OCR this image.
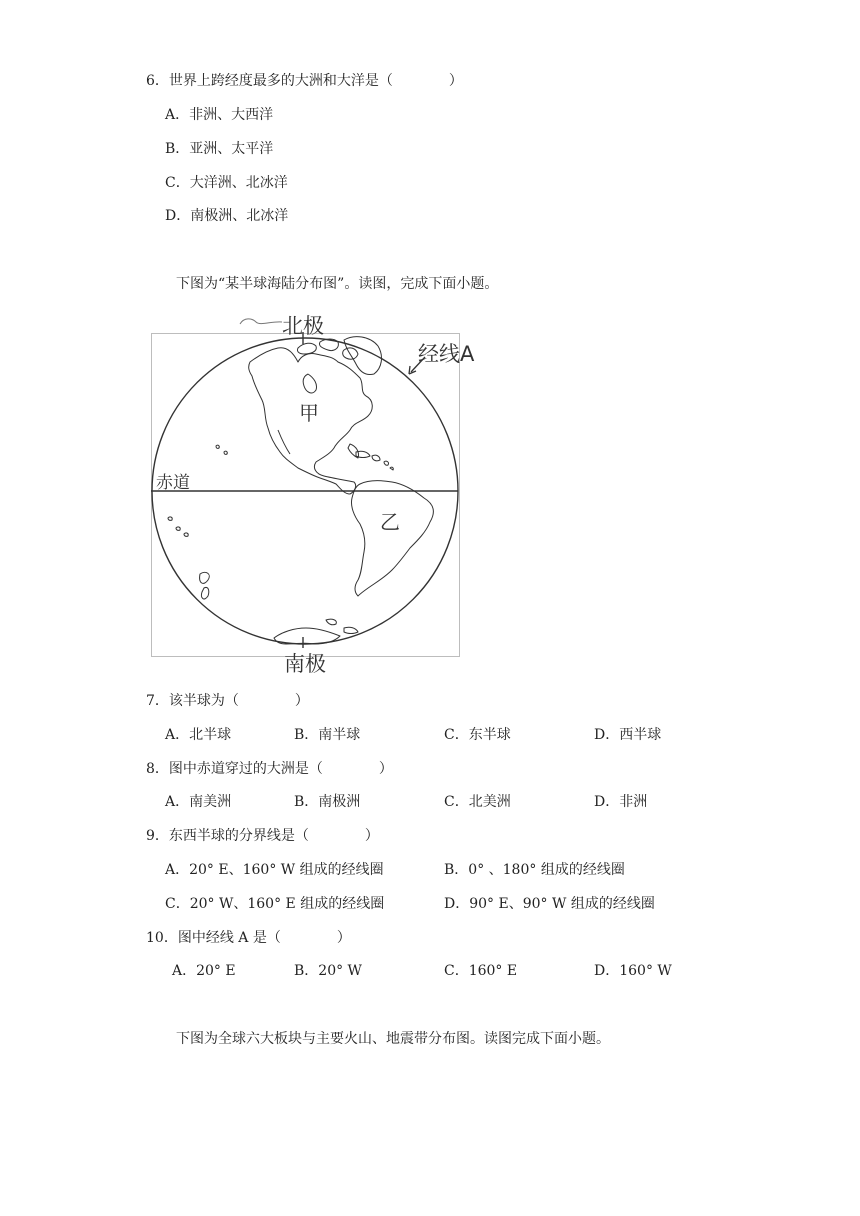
6．世界上跨经度最多的大洲和大洋是（　　　　）
A．非洲、大西洋
B．亚洲、太平洋
C．大洋洲、北冰洋
D．南极洲、北冰洋
下图为“某半球海陆分布图”。读图，完成下面小题。
北极
经线A
甲
赤道
乙
南极
7．该半球为（　　　　）
A．北半球	B．南半球	C．东半球	D．西半球
8．图中赤道穿过的大洲是（　　　　）
A．南美洲	B．南极洲	C．北美洲	D．非洲
9．东西半球的分界线是（　　　　）
A．20° E、160° W 组成的经线圈	B．0° 、180° 组成的经线圈
C．20° W、160° E 组成的经线圈	D．90° E、90° W 组成的经线圈
10．图中经线 A 是（　　　　）
A．20° E	B．20° W	C．160° E	D．160° W
下图为全球六大板块与主要火山、地震带分布图。读图完成下面小题。
